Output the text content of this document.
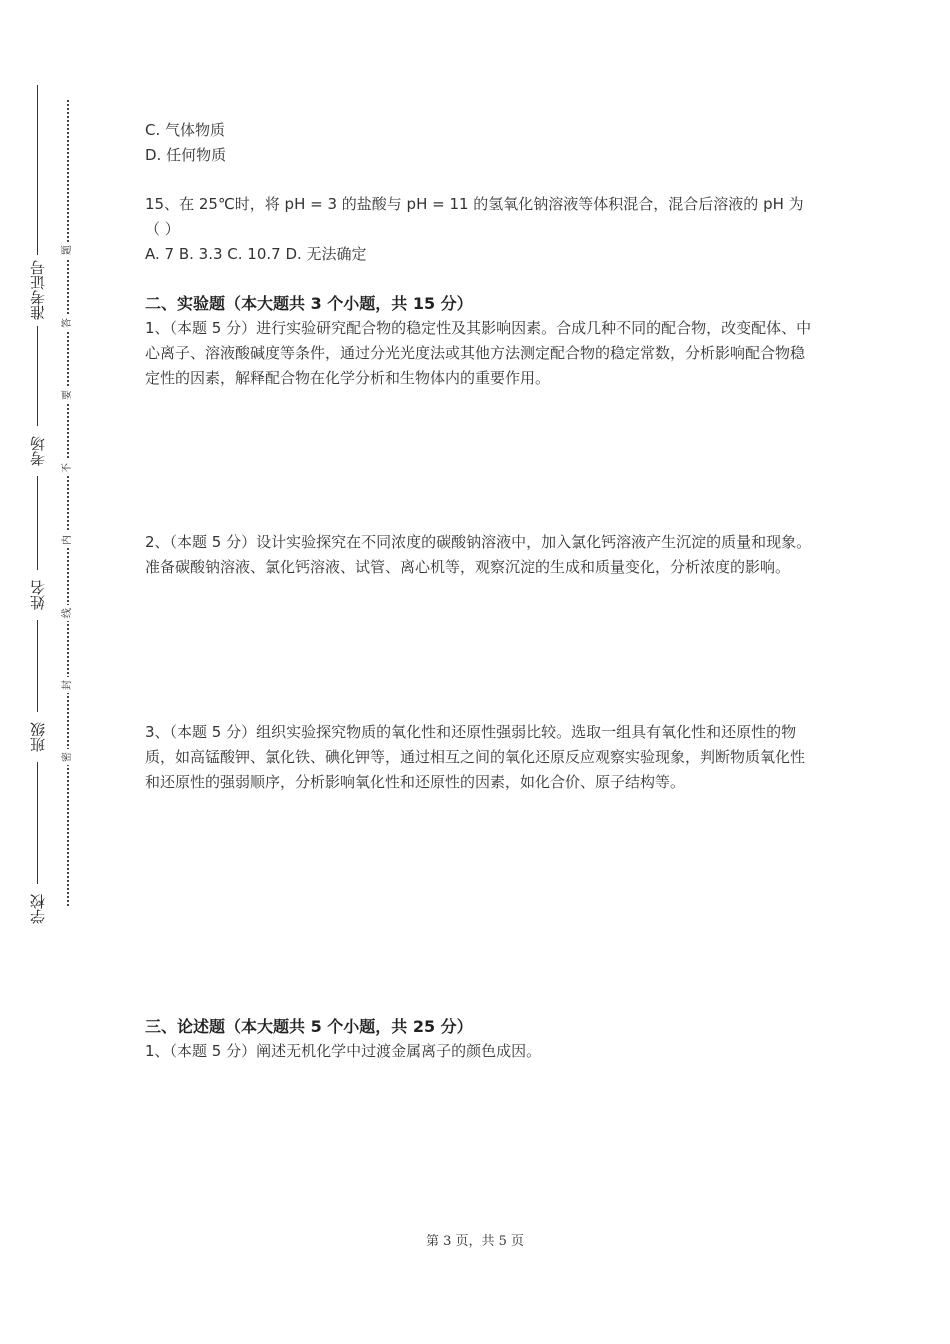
准考证号
考场
姓名
班级
学校
题
答
要
不
内
线
封
密

C. 气体物质

D. 任何物质

15、在 25℃时，将 pH = 3 的盐酸与 pH = 11 的氢氧化钠溶液等体积混合，混合后溶液的 pH 为（ ）

A. 7 B. 3.3 C. 10.7 D. 无法确定

二、实验题（本大题共 3 个小题，共 15 分）

1、（本题 5 分）进行实验研究配合物的稳定性及其影响因素。合成几种不同的配合物，改变配体、中心离子、溶液酸碱度等条件，通过分光光度法或其他方法测定配合物的稳定常数，分析影响配合物稳定性的因素，解释配合物在化学分析和生物体内的重要作用。

2、（本题 5 分）设计实验探究在不同浓度的碳酸钠溶液中，加入氯化钙溶液产生沉淀的质量和现象。准备碳酸钠溶液、氯化钙溶液、试管、离心机等，观察沉淀的生成和质量变化，分析浓度的影响。

3、（本题 5 分）组织实验探究物质的氧化性和还原性强弱比较。选取一组具有氧化性和还原性的物质，如高锰酸钾、氯化铁、碘化钾等，通过相互之间的氧化还原反应观察实验现象，判断物质氧化性和还原性的强弱顺序，分析影响氧化性和还原性的因素，如化合价、原子结构等。

三、论述题（本大题共 5 个小题，共 25 分）

1、（本题 5 分）阐述无机化学中过渡金属离子的颜色成因。

第 3 页，共 5 页
